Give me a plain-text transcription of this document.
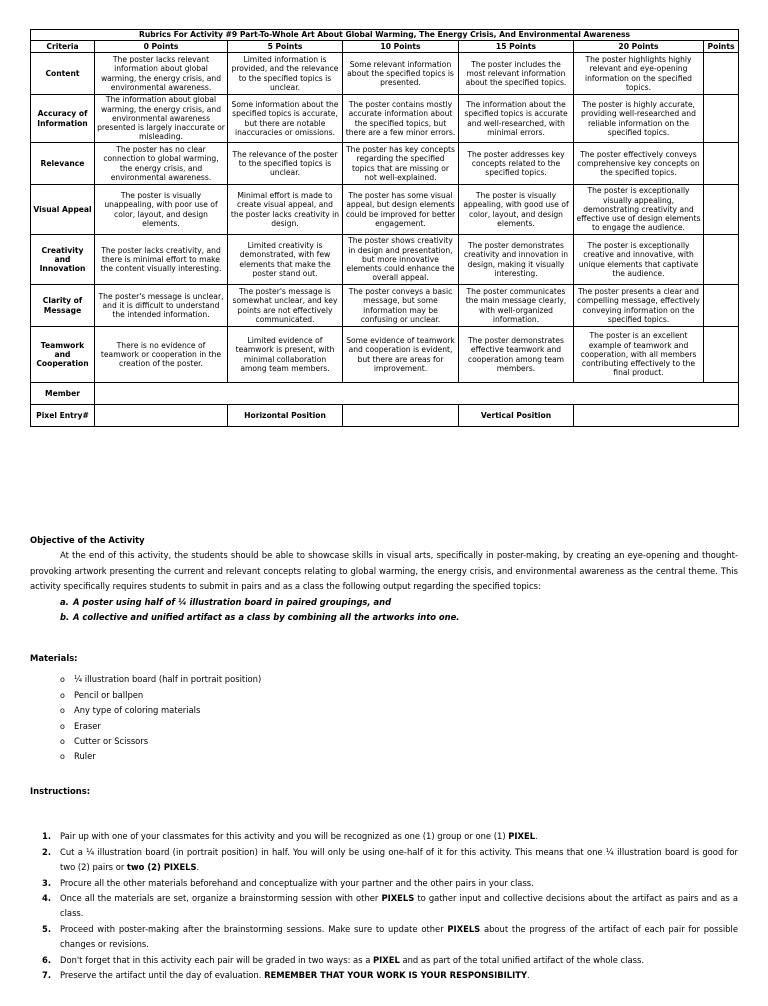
Rubrics For Activity #9 Part-To-Whole Art About Global Warming, The Energy Crisis, And Environmental Awareness						
Criteria	0 Points	5 Points	10 Points	15 Points	20 Points	Points
Content	The poster lacks relevant information about global warming, the energy crisis, and environmental awareness.	Limited information is provided, and the relevance to the specified topics is unclear.	Some relevant information about the specified topics is presented.	The poster includes the most relevant information about the specified topics.	The poster highlights highly relevant and eye-opening information on the specified topics.	
Accuracy of Information	The information about global warming, the energy crisis, and environmental awareness presented is largely inaccurate or misleading.	Some information about the specified topics is accurate, but there are notable inaccuracies or omissions.	The poster contains mostly accurate information about the specified topics, but there are a few minor errors.	The information about the specified topics is accurate and well-researched, with minimal errors.	The poster is highly accurate, providing well-researched and reliable information on the specified topics.	
Relevance	The poster has no clear connection to global warming, the energy crisis, and environmental awareness.	The relevance of the poster to the specified topics is unclear.	The poster has key concepts regarding the specified topics that are missing or not well-explained.	The poster addresses key concepts related to the specified topics.	The poster effectively conveys comprehensive key concepts on the specified topics.	
Visual Appeal	The poster is visually unappealing, with poor use of color, layout, and design elements.	Minimal effort is made to create visual appeal, and the poster lacks creativity in design.	The poster has some visual appeal, but design elements could be improved for better engagement.	The poster is visually appealing, with good use of color, layout, and design elements.	The poster is exceptionally visually appealing, demonstrating creativity and effective use of design elements to engage the audience.	
Creativity and Innovation	The poster lacks creativity, and there is minimal effort to make the content visually interesting.	Limited creativity is demonstrated, with few elements that make the poster stand out.	The poster shows creativity in design and presentation, but more innovative elements could enhance the overall appeal.	The poster demonstrates creativity and innovation in design, making it visually interesting.	The poster is exceptionally creative and innovative, with unique elements that captivate the audience.	
Clarity of Message	The poster's message is unclear, and it is difficult to understand the intended information.	The poster's message is somewhat unclear, and key points are not effectively communicated.	The poster conveys a basic message, but some information may be confusing or unclear.	The poster communicates the main message clearly, with well-organized information.	The poster presents a clear and compelling message, effectively conveying information on the specified topics.	
Teamwork and Cooperation	There is no evidence of teamwork or cooperation in the creation of the poster.	Limited evidence of teamwork is present, with minimal collaboration among team members.	Some evidence of teamwork and cooperation is evident, but there are areas for improvement.	The poster demonstrates effective teamwork and cooperation among team members.	The poster is an excellent example of teamwork and cooperation, with all members contributing effectively to the final product.	
Member						
Pixel Entry#		Horizontal Position		Vertical Position		
Objective of the Activity

At the end of this activity, the students should be able to showcase skills in visual arts, specifically in poster-making, by creating an eye-opening and thought-provoking artwork presenting the current and relevant concepts relating to global warming, the energy crisis, and environmental awareness as the central theme. This activity specifically requires students to submit in pairs and as a class the following output regarding the specified topics:

a. A poster using half of ¼ illustration board in paired groupings, and
b. A collective and unified artifact as a class by combining all the artworks into one.
Materials:
o ¼ illustration board (half in portrait position)
o Pencil or ballpen
o Any type of coloring materials
o Eraser
o Cutter or Scissors
o Ruler
Instructions:
1. Pair up with one of your classmates for this activity and you will be recognized as one (1) group or one (1) PIXEL.
2. Cut a ¼ illustration board (in portrait position) in half. You will only be using one-half of it for this activity. This means that one ¼ illustration board is good for two (2) pairs or two (2) PIXELS.
3. Procure all the other materials beforehand and conceptualize with your partner and the other pairs in your class.
4. Once all the materials are set, organize a brainstorming session with other PIXELS to gather input and collective decisions about the artifact as pairs and as a class.
5. Proceed with poster-making after the brainstorming sessions. Make sure to update other PIXELS about the progress of the artifact of each pair for possible changes or revisions.
6. Don't forget that in this activity each pair will be graded in two ways: as a PIXEL and as part of the total unified artifact of the whole class.
7. Preserve the artifact until the day of evaluation. REMEMBER THAT YOUR WORK IS YOUR RESPONSIBILITY.
